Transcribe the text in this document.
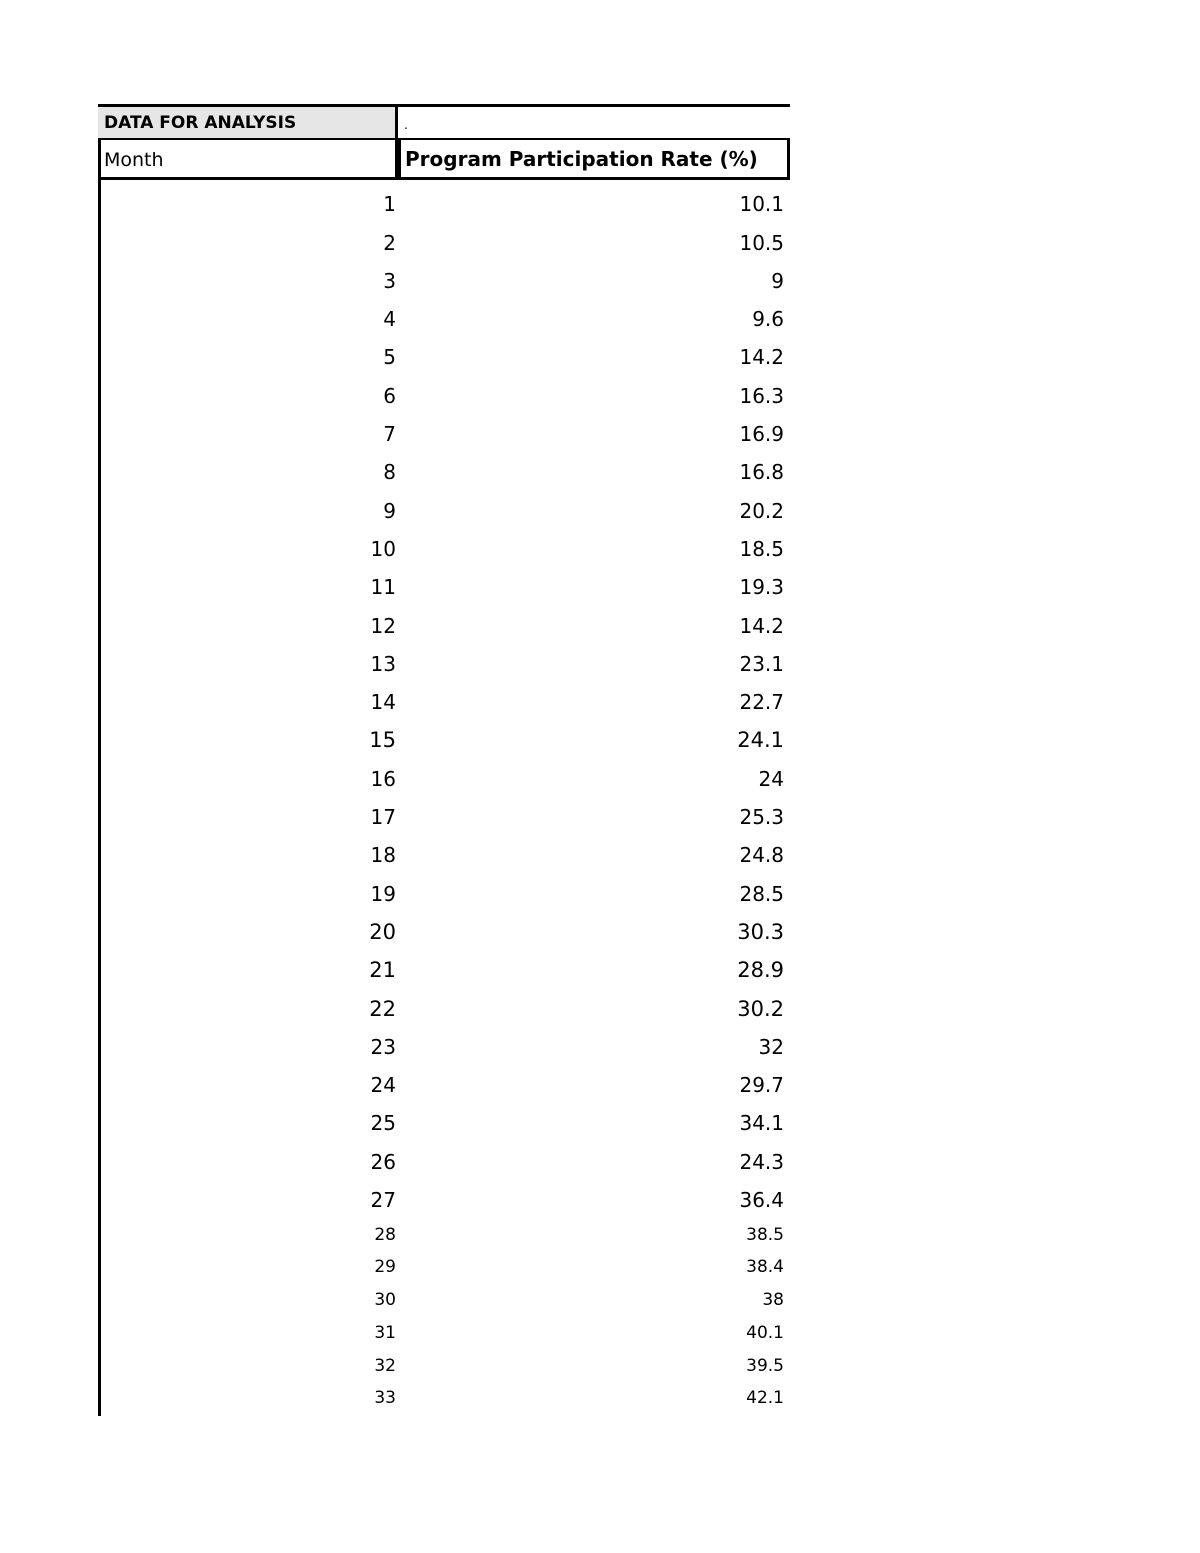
DATA FOR ANALYSIS	.
Month	Program Participation Rate (%)
1	10.1
2	10.5
3	9
4	9.6
5	14.2
6	16.3
7	16.9
8	16.8
9	20.2
10	18.5
11	19.3
12	14.2
13	23.1
14	22.7
15	24.1
16	24
17	25.3
18	24.8
19	28.5
20	30.3
21	28.9
22	30.2
23	32
24	29.7
25	34.1
26	24.3
27	36.4
28	38.5
29	38.4
30	38
31	40.1
32	39.5
33	42.1
